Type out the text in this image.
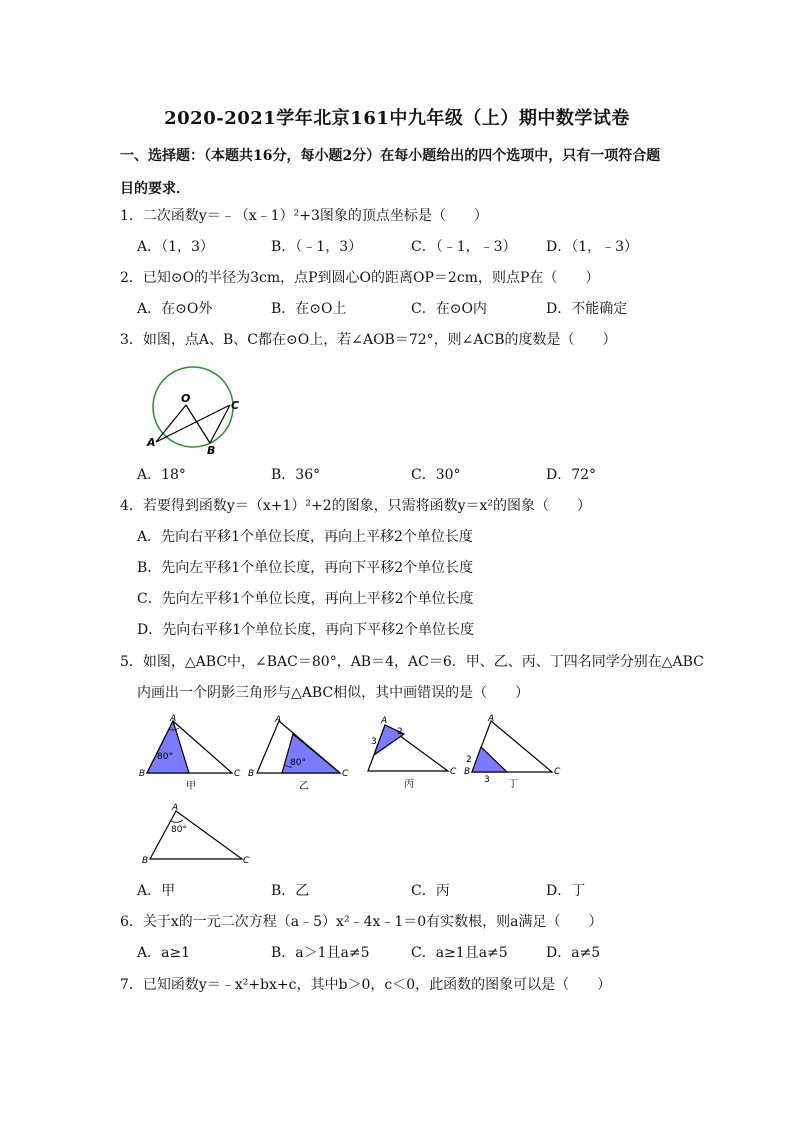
2020-2021学年北京161中九年级（上）期中数学试卷
一、选择题：（本题共16分，每小题2分）在每小题给出的四个选项中，只有一项符合题
目的要求．
1．二次函数y＝﹣（x﹣1）²+3图象的顶点坐标是（　　）
A．（1，3）	B．（﹣1，3）	C．（﹣1，﹣3） D．（1，﹣3）
2．已知⊙O的半径为3cm，点P到圆心O的距离OP＝2cm，则点P在（　　）
A．在⊙O外	B．在⊙O上	C．在⊙O内	D．不能确定
3．如图，点A、B、C都在⊙O上，若∠AOB＝72°，则∠ACB的度数是（　　）
O
C
A
B
A．18°	B．36°	C．30°	D．72°
4．若要得到函数y＝（x+1）²+2的图象，只需将函数y＝x²的图象（　　）
A．先向右平移1个单位长度，再向上平移2个单位长度
B．先向左平移1个单位长度，再向下平移2个单位长度
C．先向左平移1个单位长度，再向上平移2个单位长度
D．先向右平移1个单位长度，再向下平移2个单位长度
5．如图，△ABC中，∠BAC＝80°，AB＝4，AC＝6．甲、乙、丙、丁四名同学分别在△ABC
内画出一个阴影三角形与△ABC相似，其中画错误的是（　　）
80°
A
B	C
甲
80°
A
B	C
乙
A
3
2
C
丙
A
2
B
3
C
丁
80°
A
B	C
A．甲	B．乙	C．丙	D．丁
6．关于x的一元二次方程（a﹣5）x²﹣4x﹣1＝0有实数根，则a满足（　　）
A．a≥1	B．a＞1且a≠5	C．a≥1且a≠5	D．a≠5
7．已知函数y＝﹣x²+bx+c，其中b＞0，c＜0，此函数的图象可以是（　　）
